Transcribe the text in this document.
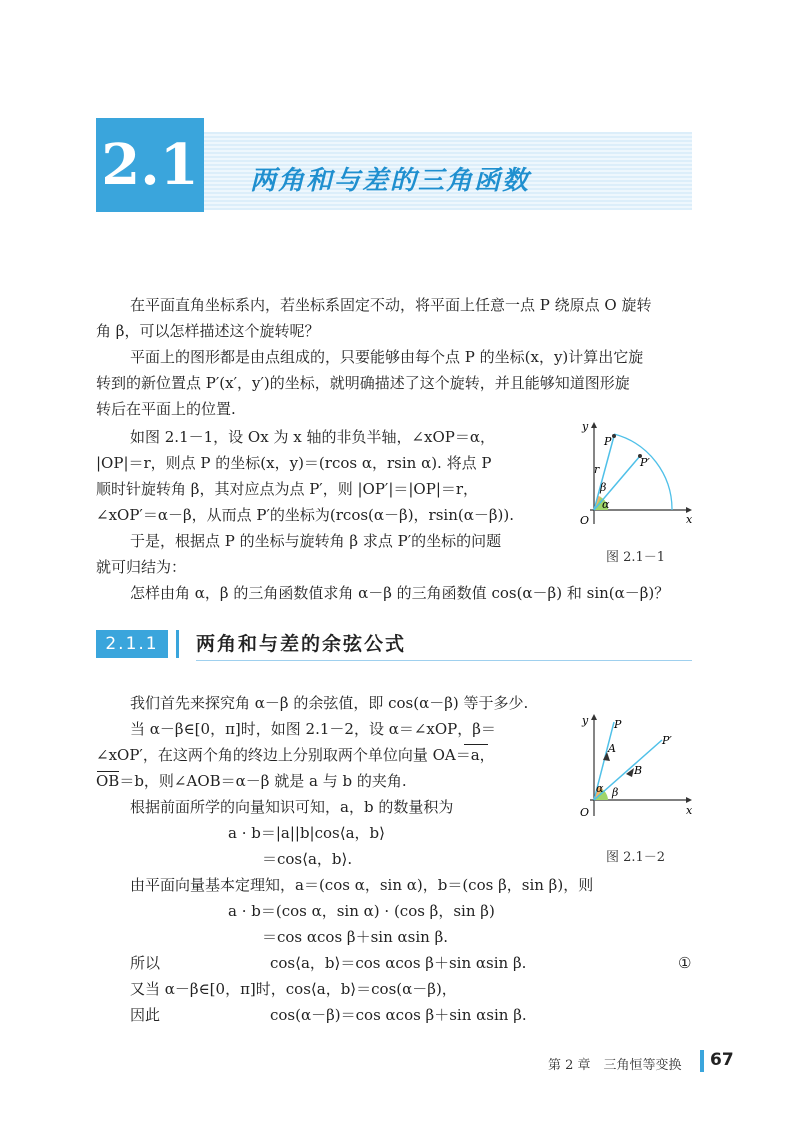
2.1 两角和与差的三角函数
在平面直角坐标系内，若坐标系固定不动，将平面上任意一点 P 绕原点 O 旋转
角 β，可以怎样描述这个旋转呢？
平面上的图形都是由点组成的，只要能够由每个点 P 的坐标(x，y)计算出它旋
转到的新位置点 P′(x′，y′)的坐标，就明确描述了这个旋转，并且能够知道图形旋
转后在平面上的位置.
如图 2.1－1，设 Ox 为 x 轴的非负半轴，∠xOP＝α，
|OP|＝r，则点 P 的坐标(x，y)＝(rcos α，rsin α). 将点 P
顺时针旋转角 β，其对应点为点 P′，则 |OP′|＝|OP|＝r，
∠xOP′＝α－β，从而点 P′的坐标为(rcos(α－β)，rsin(α－β)).
于是，根据点 P 的坐标与旋转角 β 求点 P′的坐标的问题
就可归结为：
怎样由角 α，β 的三角函数值求角 α－β 的三角函数值 cos(α－β) 和 sin(α－β)？
y
x
O
P
P′
r
β
α
图 2.1－1
2.1.1	两角和与差的余弦公式
我们首先来探究角 α－β 的余弦值，即 cos(α－β) 等于多少.
当 α－β∈[0，π]时，如图 2.1－2，设 α＝∠xOP，β＝
∠xOP′，在这两个角的终边上分别取两个单位向量 OA＝a，
OB＝b，则∠AOB＝α－β 就是 a 与 b 的夹角.
根据前面所学的向量知识可知，a，b 的数量积为
a · b＝|a||b|cos⟨a，b⟩
＝cos⟨a，b⟩.
由平面向量基本定理知，a＝(cos α，sin α)，b＝(cos β，sin β)，则
a · b＝(cos α，sin α) · (cos β，sin β)
＝cos αcos β＋sin αsin β.
所以	cos⟨a，b⟩＝cos αcos β＋sin αsin β.	①
又当 α－β∈[0，π]时，cos⟨a，b⟩＝cos(α－β)，
因此	cos(α－β)＝cos αcos β＋sin αsin β.
y
x
O
P
P′
A
B
α β
图 2.1－2
第 2 章　三角恒等变换 67
